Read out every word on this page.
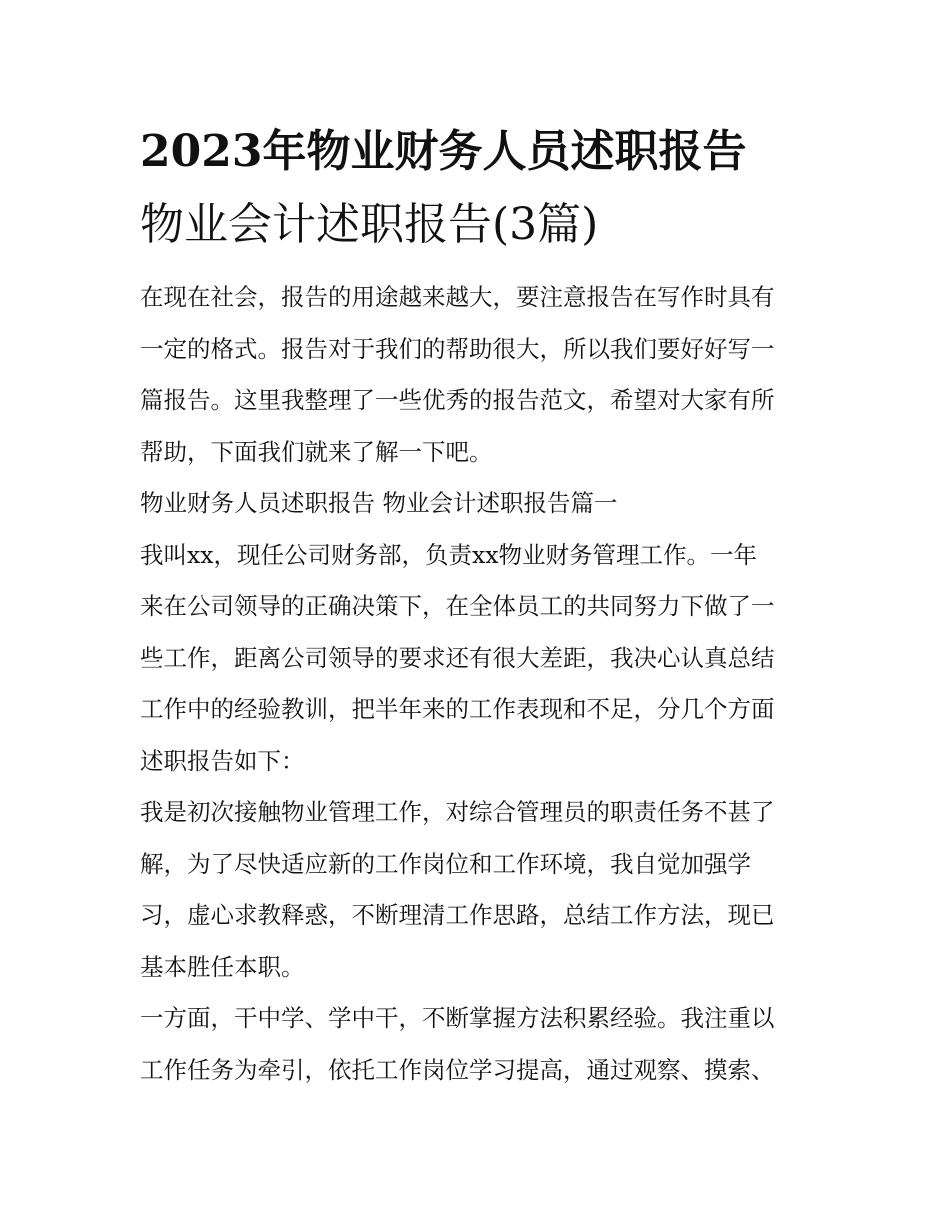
2023年物业财务人员述职报告
物业会计述职报告(3篇)

在现在社会，报告的用途越来越大，要注意报告在写作时具有
一定的格式。报告对于我们的帮助很大，所以我们要好好写一
篇报告。这里我整理了一些优秀的报告范文，希望对大家有所
帮助，下面我们就来了解一下吧。

物业财务人员述职报告 物业会计述职报告篇一

我叫xx，现任公司财务部，负责xx物业财务管理工作。一年
来在公司领导的正确决策下，在全体员工的共同努力下做了一
些工作，距离公司领导的要求还有很大差距，我决心认真总结
工作中的经验教训，把半年来的工作表现和不足，分几个方面
述职报告如下：

我是初次接触物业管理工作，对综合管理员的职责任务不甚了
解，为了尽快适应新的工作岗位和工作环境，我自觉加强学
习，虚心求教释惑，不断理清工作思路，总结工作方法，现已
基本胜任本职。

一方面，干中学、学中干，不断掌握方法积累经验。我注重以
工作任务为牵引，依托工作岗位学习提高，通过观察、摸索、
